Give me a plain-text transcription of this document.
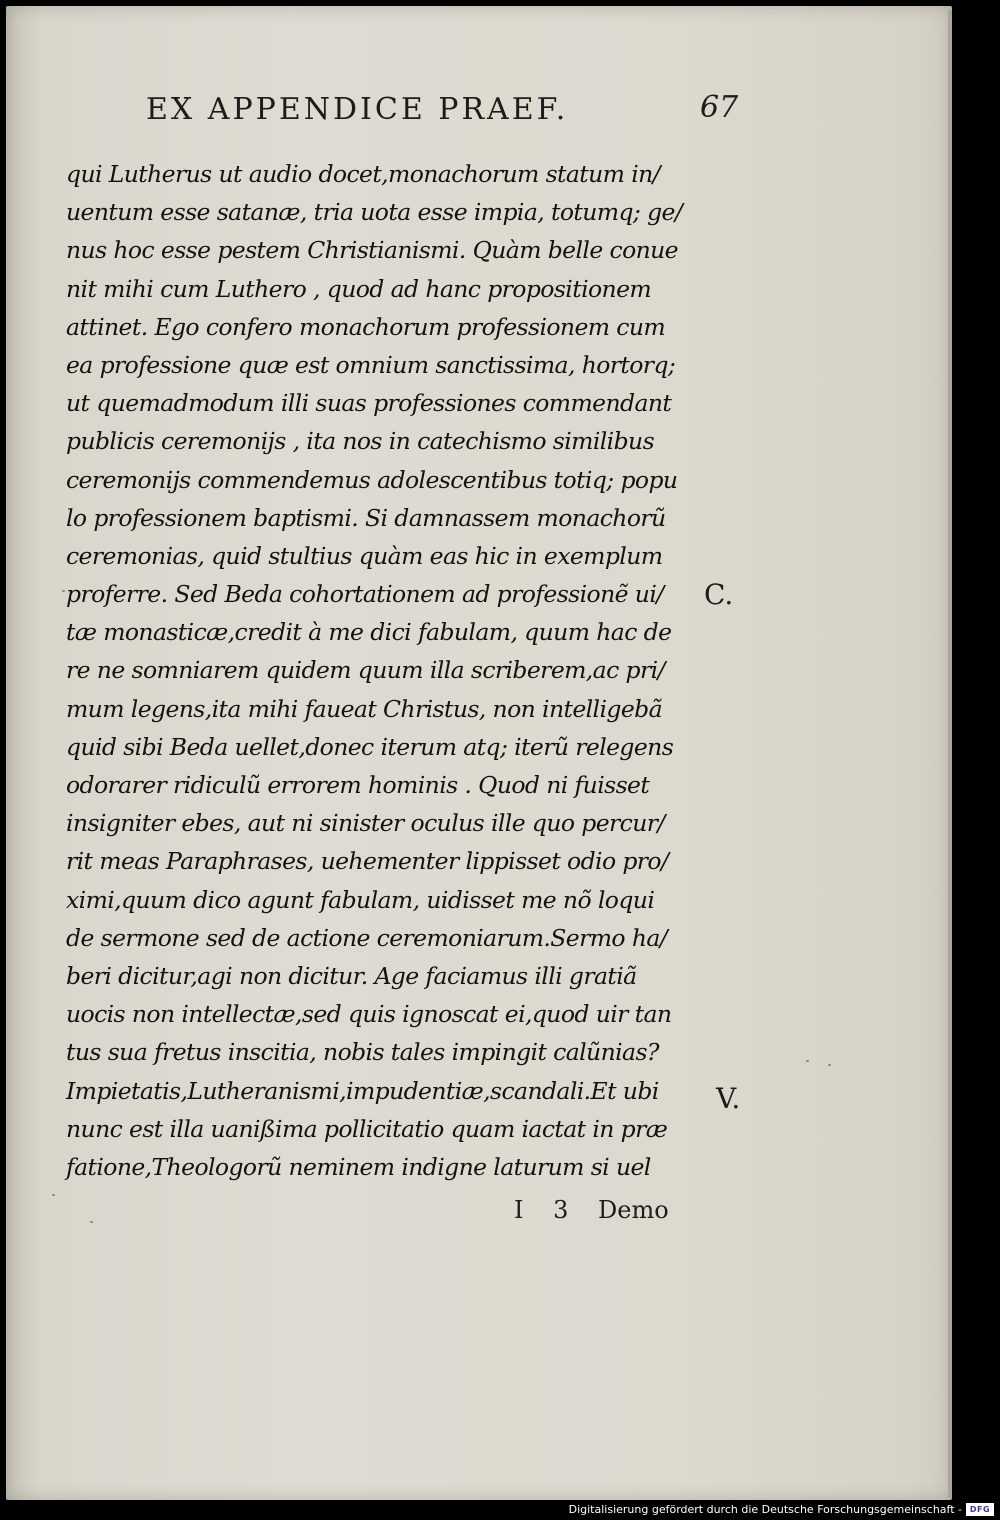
EX APPENDICE PRAEF.	67
qui Lutherus ut audio docet,monachorum statum in/
uentum esse satanæ, tria uota esse impia, totumq; ge/
nus hoc esse pestem Christianismi. Quàm belle conue
nit mihi cum Luthero , quod ad hanc propositionem
attinet. Ego confero monachorum professionem cum
ea professione quæ est omnium sanctissima, hortorq;
ut quemadmodum illi suas professiones commendant
publicis ceremonijs , ita nos in catechismo similibus
ceremonijs commendemus adolescentibus totiq; popu
lo professionem baptismi. Si damnassem monachorũ
ceremonias, quid stultius quàm eas hic in exemplum
proferre. Sed Beda cohortationem ad professionẽ ui/
tæ monasticæ,credit à me dici fabulam, quum hac de
re ne somniarem quidem quum illa scriberem,ac pri/
mum legens,ita mihi faueat Christus, non intelligebã
quid sibi Beda uellet,donec iterum atq; iterũ relegens
odorarer ridiculũ errorem hominis . Quod ni fuisset
insigniter ebes, aut ni sinister oculus ille quo percur/
rit meas Paraphrases, uehementer lippisset odio pro/
ximi,quum dico agunt fabulam, uidisset me nõ loqui
de sermone sed de actione ceremoniarum.Sermo ha/
beri dicitur,agi non dicitur. Age faciamus illi gratiã
uocis non intellectæ,sed quis ignoscat ei,quod uir tan
tus sua fretus inscitia, nobis tales impingit calũnias?
Impietatis,Lutheranismi,impudentiæ,scandali.Et ubi
nunc est illa uanißima pollicitatio quam iactat in præ
fatione,Theologorũ neminem indigne laturum si uel
C.
V.
I 3 Demo
Digitalisierung gefördert durch die Deutsche Forschungsgemeinschaft - DFG
